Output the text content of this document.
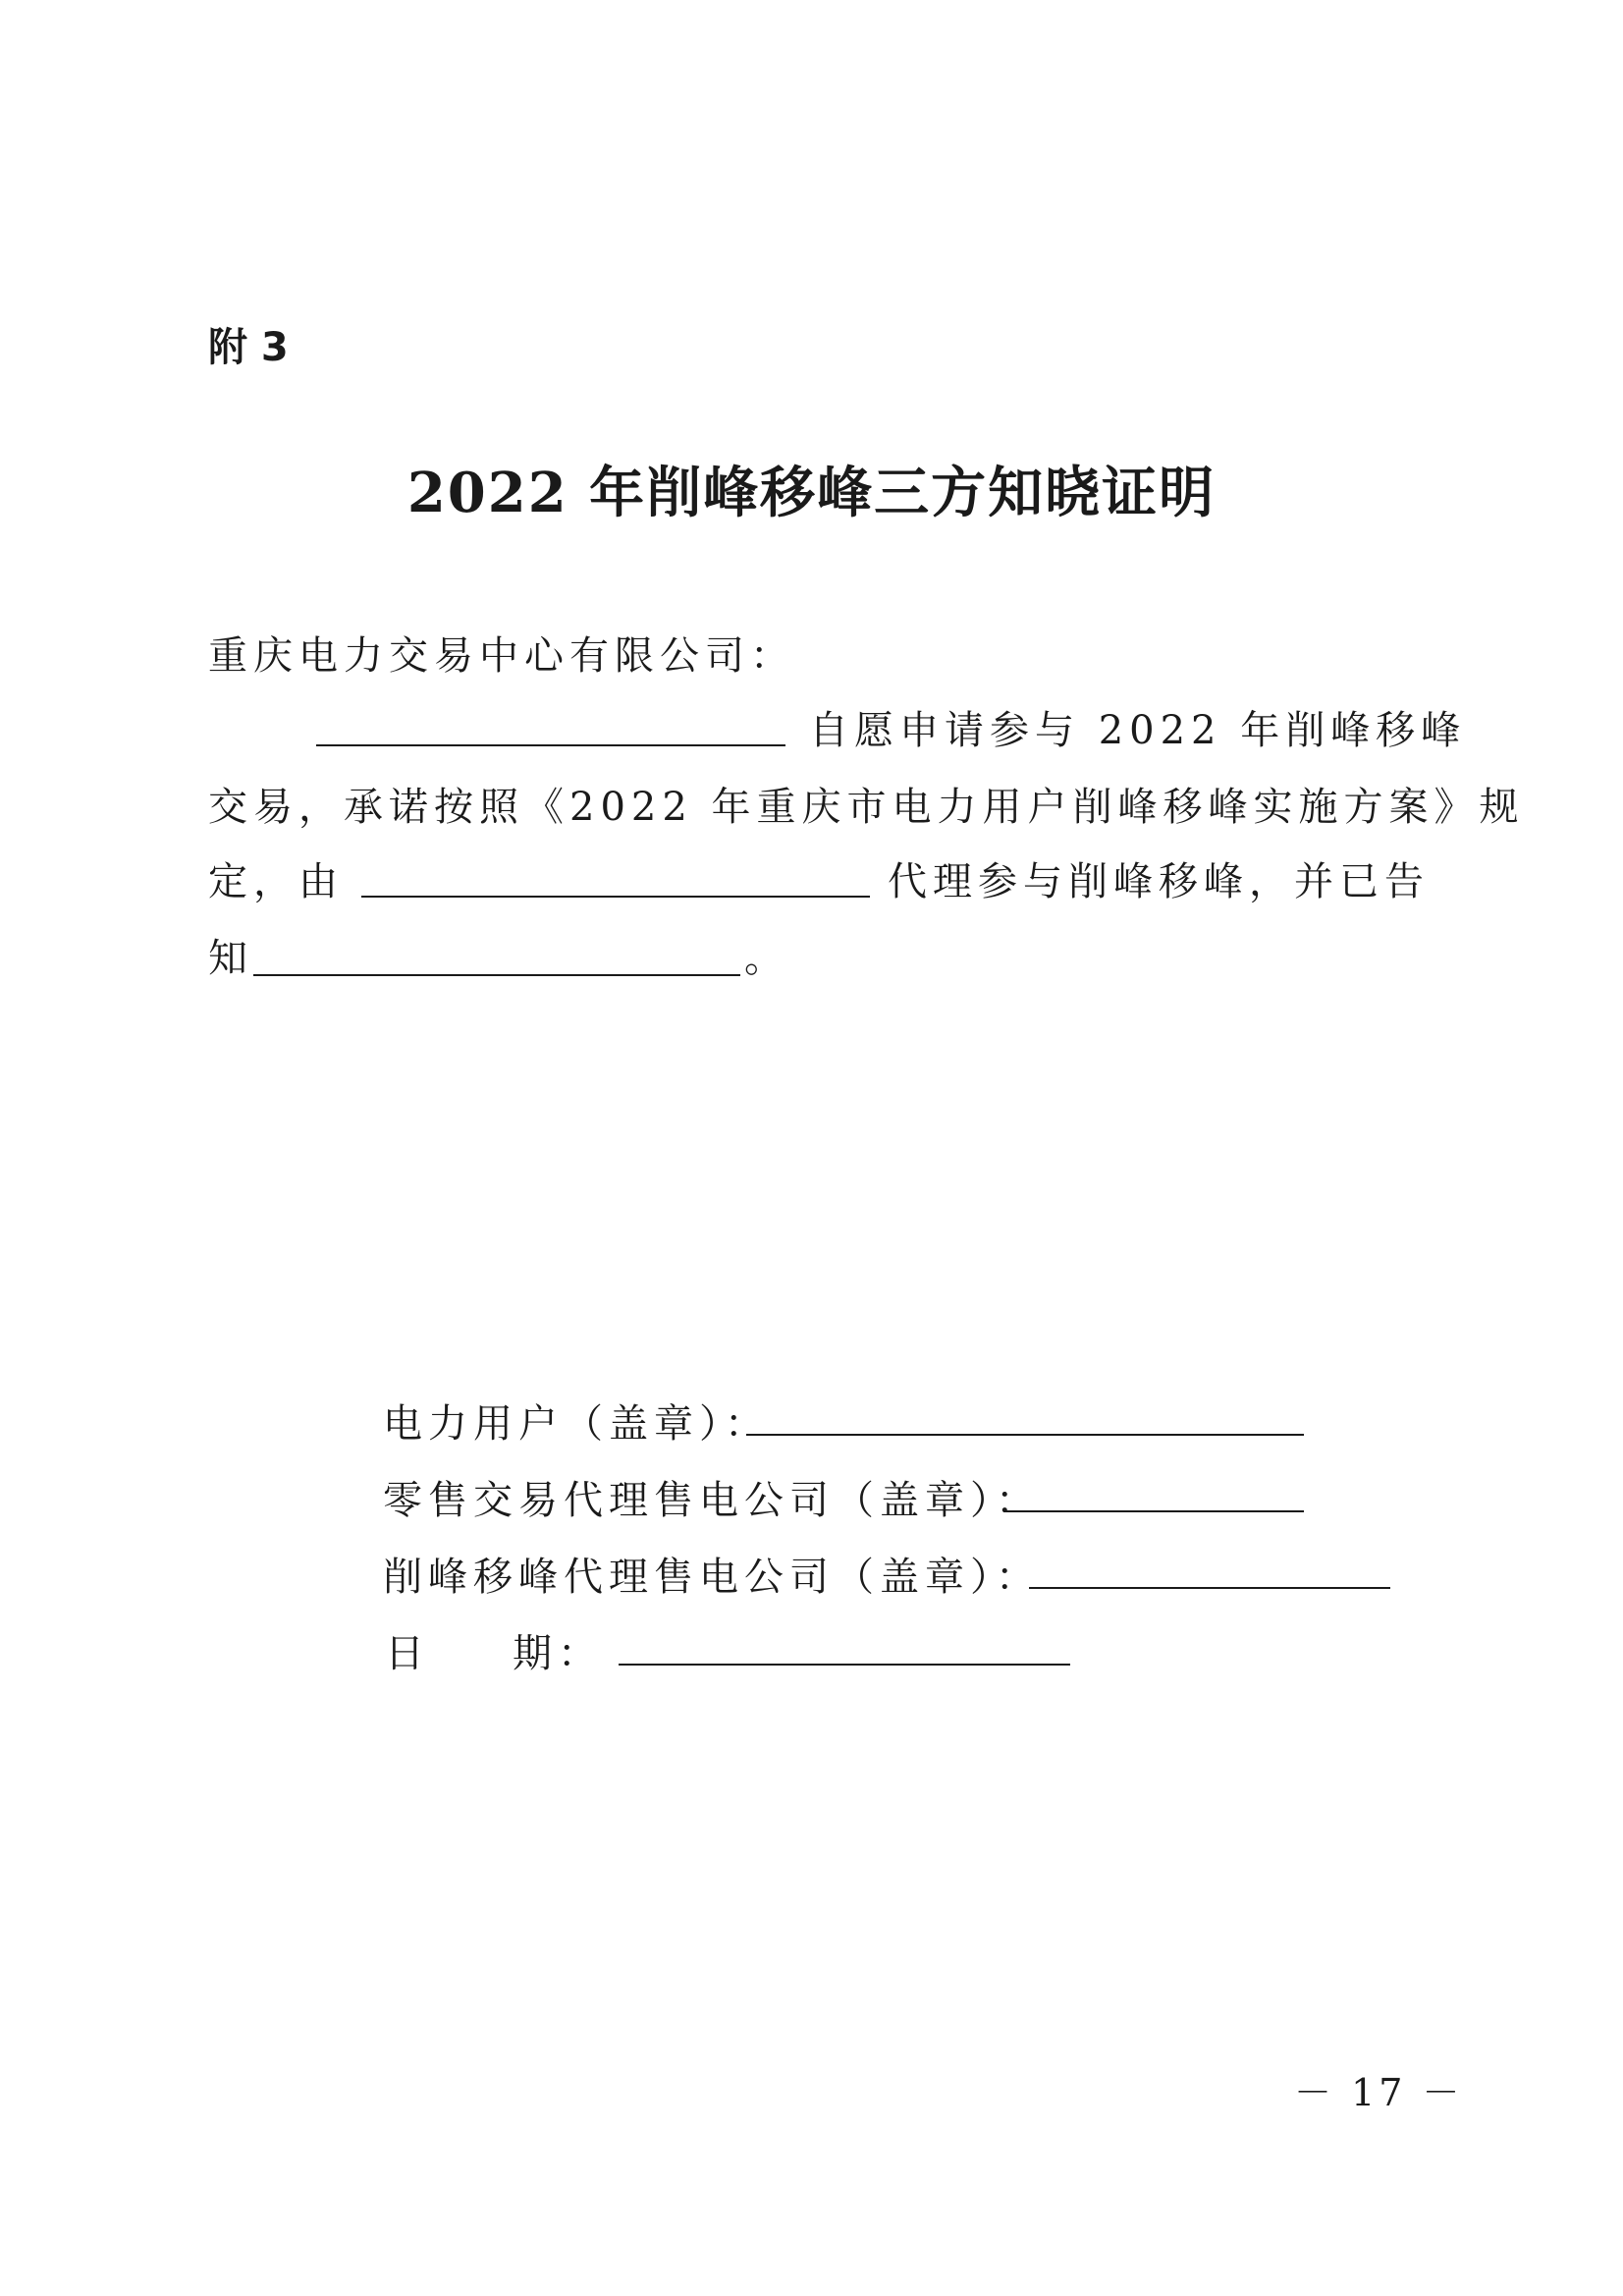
附 3
2022 年削峰移峰三方知晓证明
重庆电力交易中心有限公司：
自愿申请参与 2022 年削峰移峰
交易，承诺按照《2022 年重庆市电力用户削峰移峰实施方案》规
定，由	代理参与削峰移峰，并已告
知	。
电力用户（盖章）：
零售交易代理售电公司（盖章）：
削峰移峰代理售电公司（盖章）：
日 期：
－ 17 －
